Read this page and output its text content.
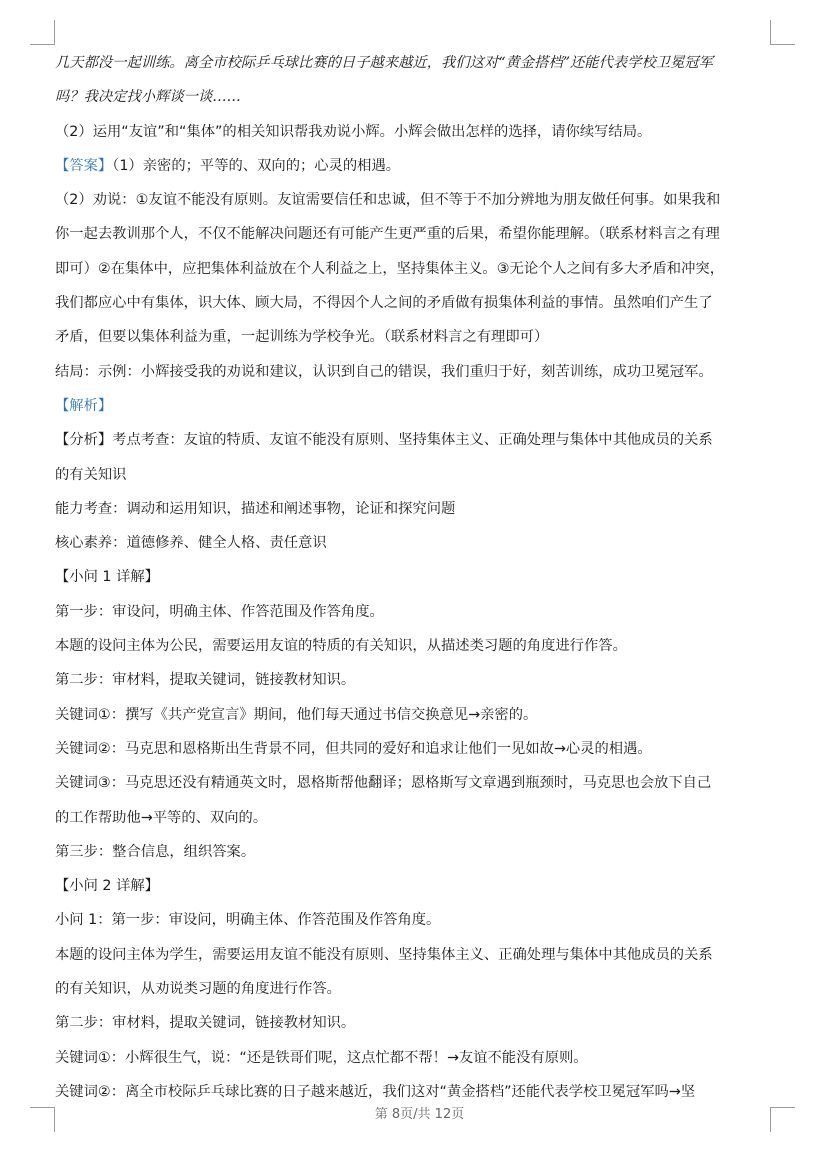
几天都没一起训练。离全市校际乒乓球比赛的日子越来越近，我们这对“黄金搭档”还能代表学校卫冕冠军
吗？我决定找小辉谈一谈……
（2）运用“友谊”和“集体”的相关知识帮我劝说小辉。小辉会做出怎样的选择，请你续写结局。
【答案】（1）亲密的；平等的、双向的；心灵的相遇。
（2）劝说：①友谊不能没有原则。友谊需要信任和忠诚，但不等于不加分辨地为朋友做任何事。如果我和
你一起去教训那个人，不仅不能解决问题还有可能产生更严重的后果，希望你能理解。（联系材料言之有理
即可）②在集体中，应把集体利益放在个人利益之上，坚持集体主义。③无论个人之间有多大矛盾和冲突，
我们都应心中有集体，识大体、顾大局，不得因个人之间的矛盾做有损集体利益的事情。虽然咱们产生了
矛盾，但要以集体利益为重，一起训练为学校争光。（联系材料言之有理即可）
结局：示例：小辉接受我的劝说和建议，认识到自己的错误，我们重归于好，刻苦训练，成功卫冕冠军。
【解析】
【分析】考点考查：友谊的特质、友谊不能没有原则、坚持集体主义、正确处理与集体中其他成员的关系
的有关知识
能力考查：调动和运用知识，描述和阐述事物，论证和探究问题
核心素养：道德修养、健全人格、责任意识
【小问 1 详解】
第一步：审设问，明确主体、作答范围及作答角度。
本题的设问主体为公民，需要运用友谊的特质的有关知识，从描述类习题的角度进行作答。
第二步：审材料，提取关键词，链接教材知识。
关键词①：撰写《共产党宣言》期间，他们每天通过书信交换意见→亲密的。
关键词②：马克思和恩格斯出生背景不同，但共同的爱好和追求让他们一见如故→心灵的相遇。
关键词③：马克思还没有精通英文时，恩格斯帮他翻译；恩格斯写文章遇到瓶颈时，马克思也会放下自己
的工作帮助他→平等的、双向的。
第三步：整合信息，组织答案。
【小问 2 详解】
小问 1：第一步：审设问，明确主体、作答范围及作答角度。
本题的设问主体为学生，需要运用友谊不能没有原则、坚持集体主义、正确处理与集体中其他成员的关系
的有关知识，从劝说类习题的角度进行作答。
第二步：审材料，提取关键词，链接教材知识。
关键词①：小辉很生气，说：“还是铁哥们呢，这点忙都不帮！→友谊不能没有原则。
关键词②：离全市校际乒乓球比赛的日子越来越近，我们这对“黄金搭档”还能代表学校卫冕冠军吗→坚
第 8页/共 12页
